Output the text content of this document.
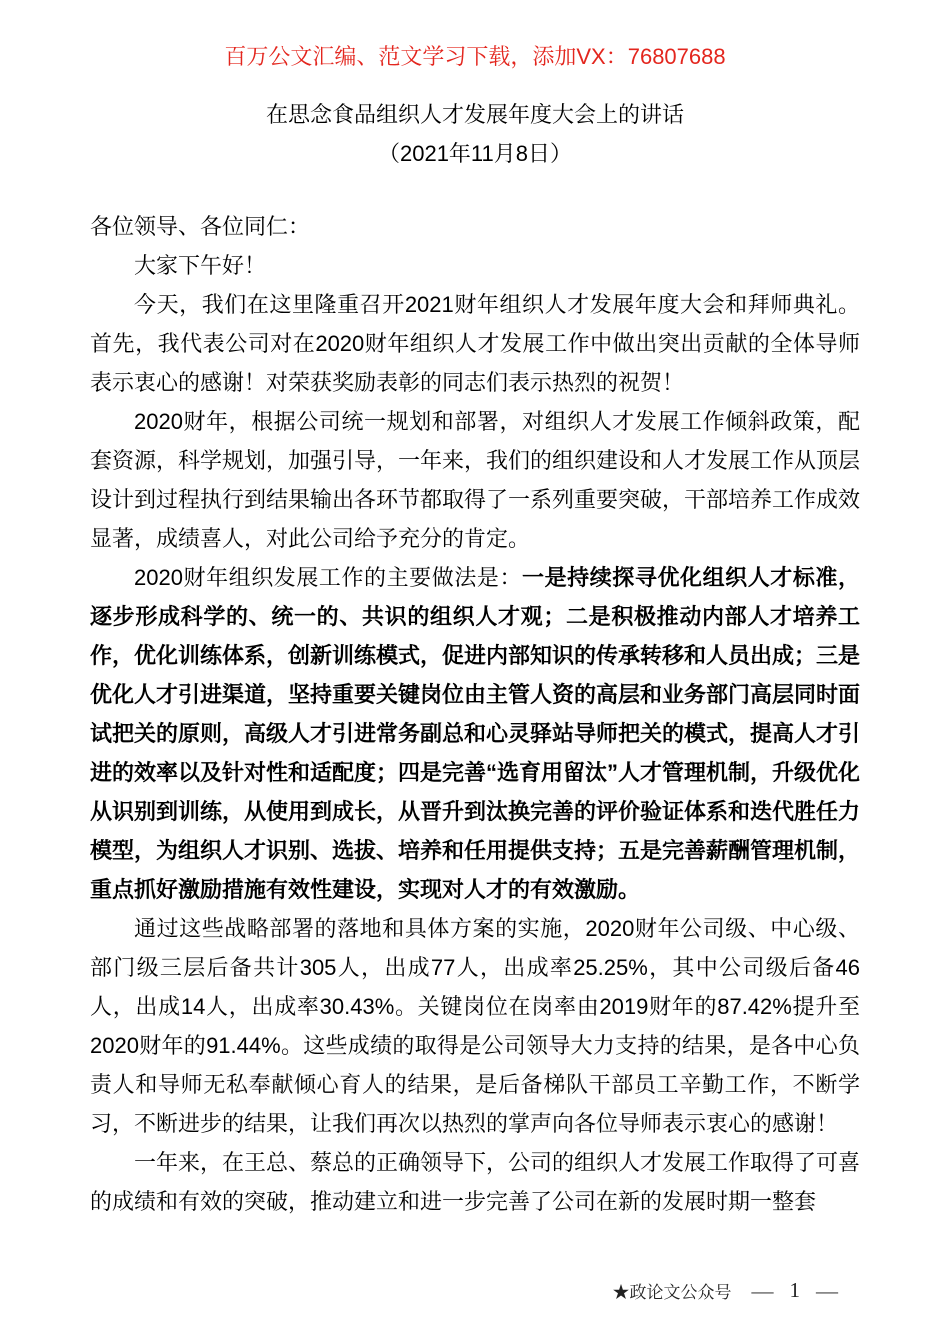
百万公文汇编、范文学习下载，添加VX：76807688
在思念食品组织人才发展年度大会上的讲话
（2021年11月8日）

各位领导、各位同仁：

大家下午好！

今天，我们在这里隆重召开2021财年组织人才发展年度大会和拜师典礼。首先，我代表公司对在2020财年组织人才发展工作中做出突出贡献的全体导师表示衷心的感谢！对荣获奖励表彰的同志们表示热烈的祝贺！

2020财年，根据公司统一规划和部署，对组织人才发展工作倾斜政策，配套资源，科学规划，加强引导，一年来，我们的组织建设和人才发展工作从顶层设计到过程执行到结果输出各环节都取得了一系列重要突破，干部培养工作成效显著，成绩喜人，对此公司给予充分的肯定。

2020财年组织发展工作的主要做法是：一是持续探寻优化组织人才标准，逐步形成科学的、统一的、共识的组织人才观；二是积极推动内部人才培养工作，优化训练体系，创新训练模式，促进内部知识的传承转移和人员出成；三是优化人才引进渠道，坚持重要关键岗位由主管人资的高层和业务部门高层同时面试把关的原则，高级人才引进常务副总和心灵驿站导师把关的模式，提高人才引进的效率以及针对性和适配度；四是完善“选育用留汰”人才管理机制，升级优化从识别到训练，从使用到成长，从晋升到汰换完善的评价验证体系和迭代胜任力模型，为组织人才识别、选拔、培养和任用提供支持；五是完善薪酬管理机制，重点抓好激励措施有效性建设，实现对人才的有效激励。

通过这些战略部署的落地和具体方案的实施，2020财年公司级、中心级、部门级三层后备共计305人，出成77人，出成率25.25%，其中公司级后备46人，出成14人，出成率30.43%。关键岗位在岗率由2019财年的87.42%提升至2020财年的91.44%。这些成绩的取得是公司领导大力支持的结果，是各中心负责人和导师无私奉献倾心育人的结果，是后备梯队干部员工辛勤工作，不断学习，不断进步的结果，让我们再次以热烈的掌声向各位导师表示衷心的感谢！

一年来，在王总、蔡总的正确领导下，公司的组织人才发展工作取得了可喜的成绩和有效的突破，推动建立和进一步完善了公司在新的发展时期一整套

★政论文公众号 — 1 —
